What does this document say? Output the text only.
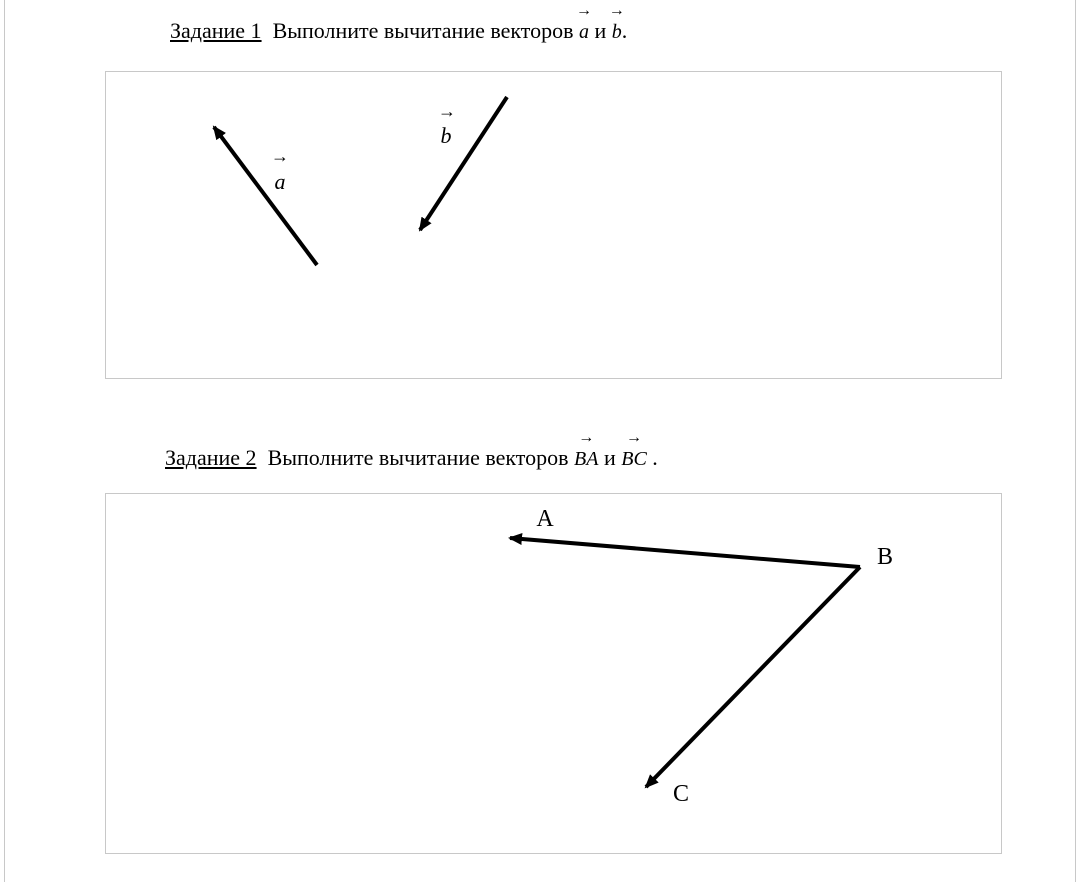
Задание 1 Выполните вычитание векторов
→
a и
→
b.
→
a
→
b
A
B
C
Задание 2 Выполните вычитание векторов
→
BA и
→
BC .
